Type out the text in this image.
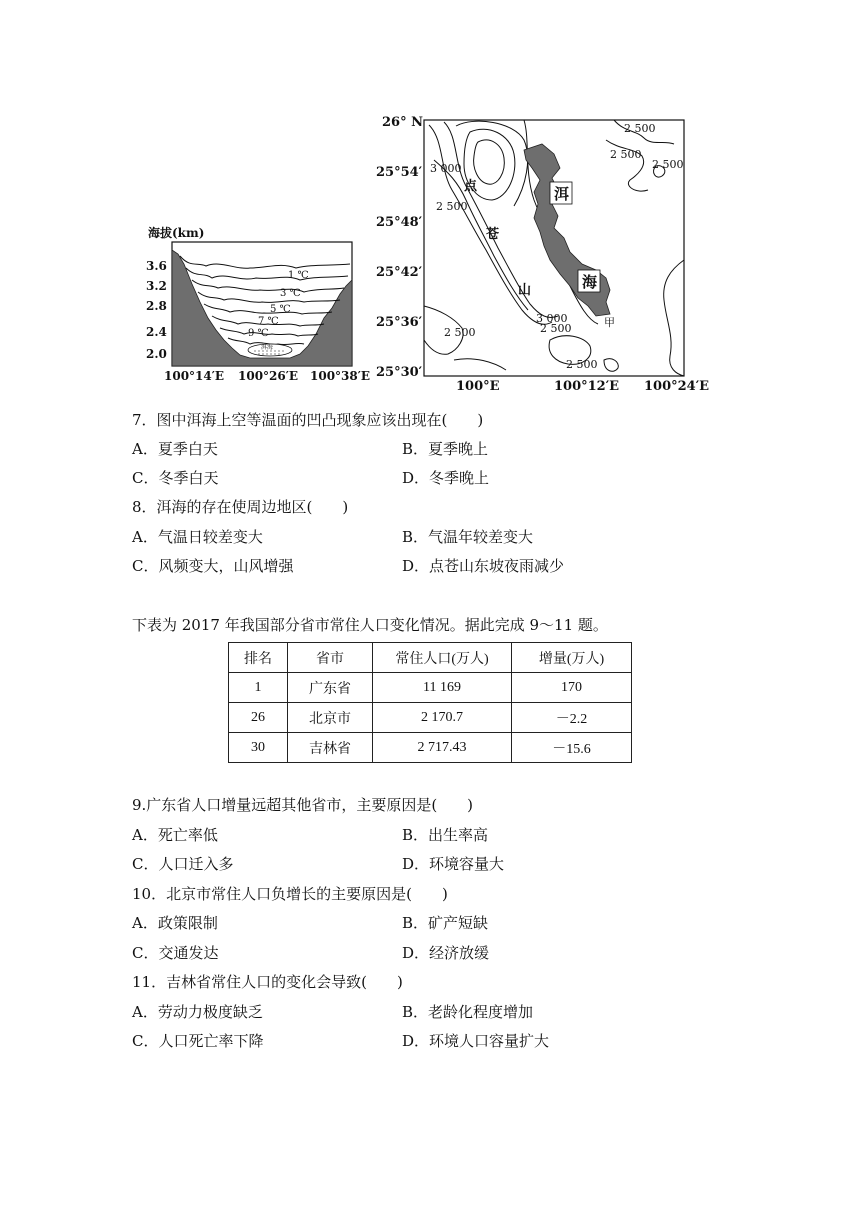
海拔(km)
洱海
1 ℃
3 ℃
5 ℃
7 ℃
9 ℃
3.6
3.2
2.8
2.4
2.0
100°14′E 100°26′E 100°38′E
洱
海
点
苍
山
2 500
2 500
2 500
3 000
2 500
3 000
2 500
2 500
2 500
甲
26° N
25°54′
25°48′
25°42′
25°36′
25°30′
100°E	100°12′E 100°24′E
7．图中洱海上空等温面的凹凸现象应该出现在(　　)
A．夏季白天	B．夏季晚上
C．冬季白天	D．冬季晚上
8．洱海的存在使周边地区(　　)
A．气温日较差变大	B．气温年较差变大
C．风频变大，山风增强	D．点苍山东坡夜雨减少
下表为 2017 年我国部分省市常住人口变化情况。据此完成 9～11 题。
排名	省市	常住人口(万人)	增量(万人)
1	广东省	11 169	170
26	北京市	2 170.7	－2.2
30	吉林省	2 717.43	－15.6
9.广东省人口增量远超其他省市，主要原因是(　　)
A．死亡率低	B．出生率高
C．人口迁入多	D．环境容量大
10．北京市常住人口负增长的主要原因是(　　)
A．政策限制	B．矿产短缺
C．交通发达	D．经济放缓
11．吉林省常住人口的变化会导致(　　)
A．劳动力极度缺乏	B．老龄化程度增加
C．人口死亡率下降	D．环境人口容量扩大
